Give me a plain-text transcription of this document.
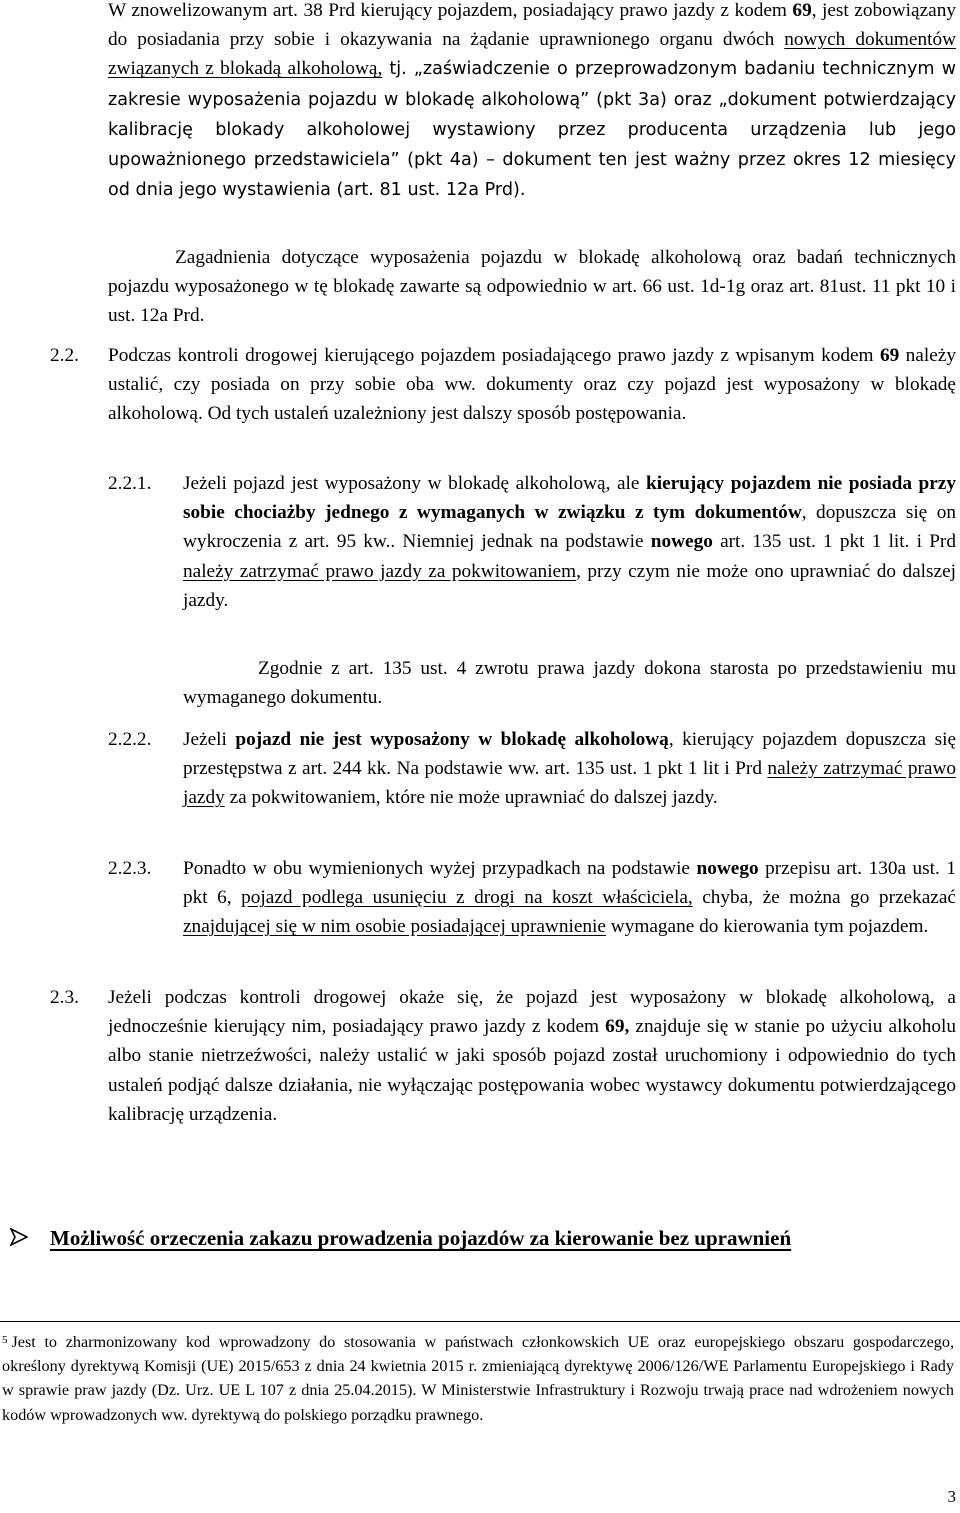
W znowelizowanym art. 38 Prd kierujący pojazdem, posiadający prawo jazdy z kodem 69, jest zobowiązany do posiadania przy sobie i okazywania na żądanie uprawnionego organu dwóch nowych dokumentów związanych z blokadą alkoholową, tj. „zaświadczenie o przeprowadzonym badaniu technicznym w zakresie wyposażenia pojazdu w blokadę alkoholową” (pkt 3a) oraz „dokument potwierdzający kalibrację blokady alkoholowej wystawiony przez producenta urządzenia lub jego upoważnionego przedstawiciela” (pkt 4a) – dokument ten jest ważny przez okres 12 miesięcy od dnia jego wystawienia (art. 81 ust. 12a Prd).

Zagadnienia dotyczące wyposażenia pojazdu w blokadę alkoholową oraz badań technicznych pojazdu wyposażonego w tę blokadę zawarte są odpowiednio w art. 66 ust. 1d-1g oraz art. 81ust. 11 pkt 10 i ust. 12a Prd.

2.2. Podczas kontroli drogowej kierującego pojazdem posiadającego prawo jazdy z wpisanym kodem 69 należy ustalić, czy posiada on przy sobie oba ww. dokumenty oraz czy pojazd jest wyposażony w blokadę alkoholową. Od tych ustaleń uzależniony jest dalszy sposób postępowania.

2.2.1. Jeżeli pojazd jest wyposażony w blokadę alkoholową, ale kierujący pojazdem nie posiada przy sobie chociażby jednego z wymaganych w związku z tym dokumentów, dopuszcza się on wykroczenia z art. 95 kw.. Niemniej jednak na podstawie nowego art. 135 ust. 1 pkt 1 lit. i Prd należy zatrzymać prawo jazdy za pokwitowaniem, przy czym nie może ono uprawniać do dalszej jazdy.

Zgodnie z art. 135 ust. 4 zwrotu prawa jazdy dokona starosta po przedstawieniu mu wymaganego dokumentu.

2.2.2. Jeżeli pojazd nie jest wyposażony w blokadę alkoholową, kierujący pojazdem dopuszcza się przestępstwa z art. 244 kk. Na podstawie ww. art. 135 ust. 1 pkt 1 lit i Prd należy zatrzymać prawo jazdy za pokwitowaniem, które nie może uprawniać do dalszej jazdy.

2.2.3. Ponadto w obu wymienionych wyżej przypadkach na podstawie nowego przepisu art. 130a ust. 1 pkt 6, pojazd podlega usunięciu z drogi na koszt właściciela, chyba, że można go przekazać znajdującej się w nim osobie posiadającej uprawnienie wymagane do kierowania tym pojazdem.

2.3. Jeżeli podczas kontroli drogowej okaże się, że pojazd jest wyposażony w blokadę alkoholową, a jednocześnie kierujący nim, posiadający prawo jazdy z kodem 69, znajduje się w stanie po użyciu alkoholu albo stanie nietrzeźwości, należy ustalić w jaki sposób pojazd został uruchomiony i odpowiednio do tych ustaleń podjąć dalsze działania, nie wyłączając postępowania wobec wystawcy dokumentu potwierdzającego kalibrację urządzenia.

Możliwość orzeczenia zakazu prowadzenia pojazdów za kierowanie bez uprawnień

$^5$ Jest to zharmonizowany kod wprowadzony do stosowania w państwach członkowskich UE oraz europejskiego obszaru gospodarczego, określony dyrektywą Komisji (UE) 2015/653 z dnia 24 kwietnia 2015 r. zmieniającą dyrektywę 2006/126/WE Parlamentu Europejskiego i Rady w sprawie praw jazdy (Dz. Urz. UE L 107 z dnia 25.04.2015). W Ministerstwie Infrastruktury i Rozwoju trwają prace nad wdrożeniem nowych kodów wprowadzonych ww. dyrektywą do polskiego porządku prawnego.

3
